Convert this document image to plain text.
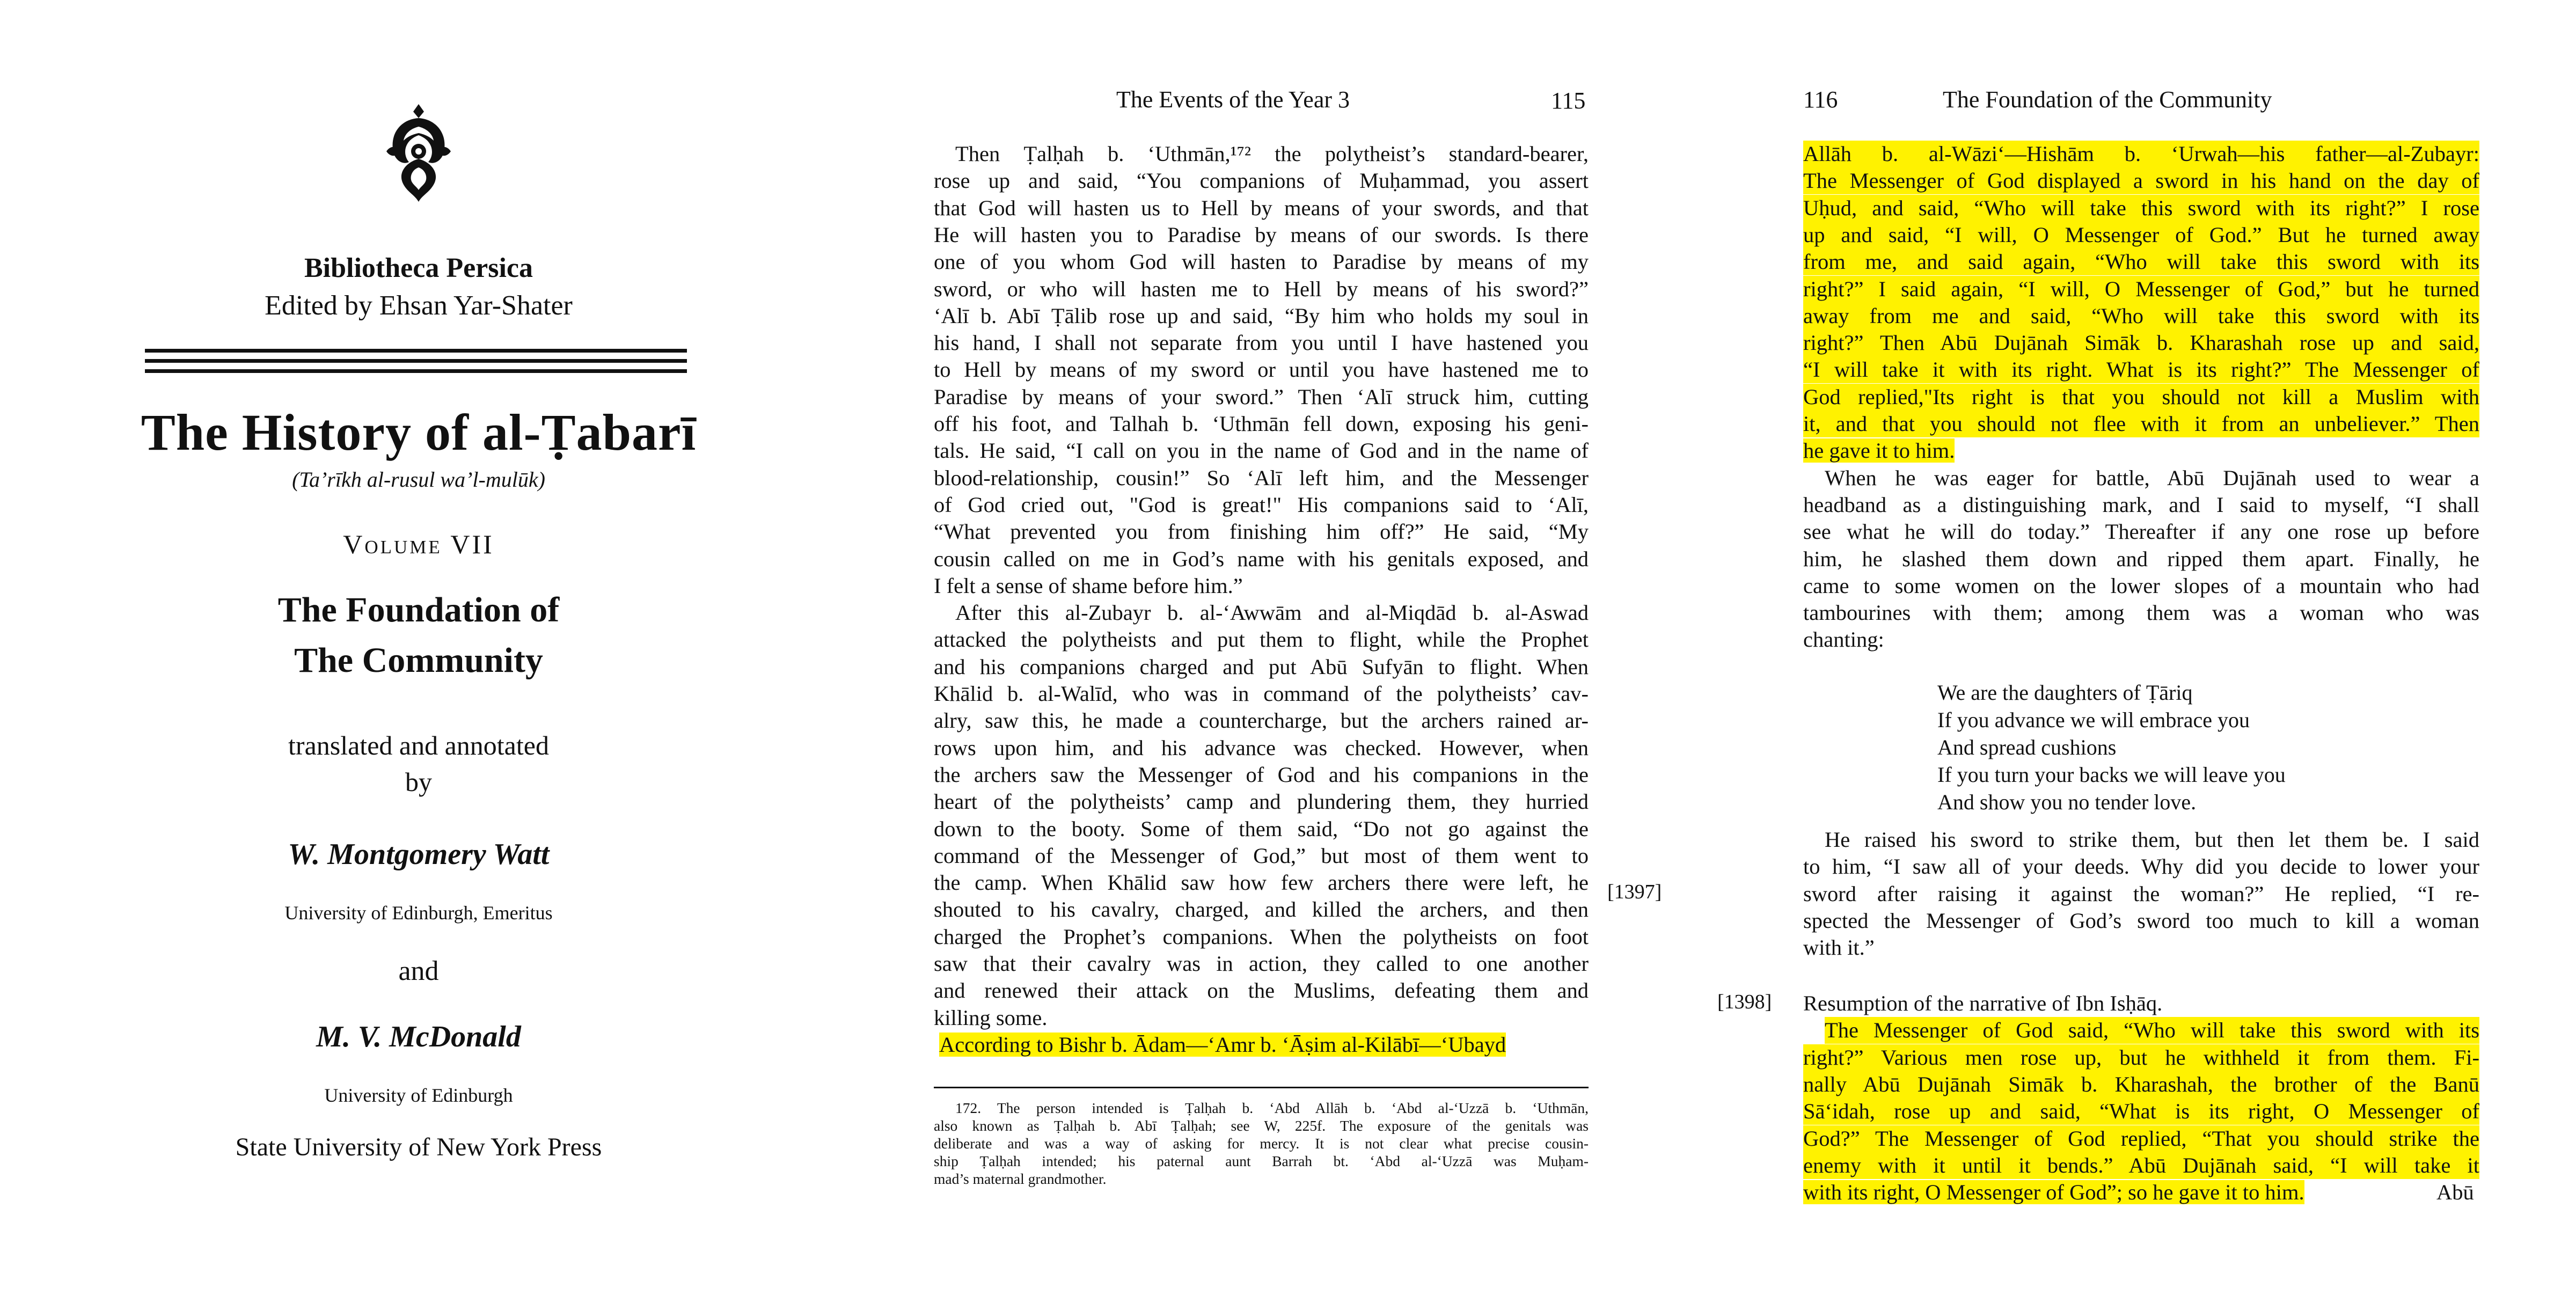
Bibliotheca Persica

Edited by Ehsan Yar-Shater

The History of al-Ṭabarī

(Ta’rīkh al-rusul wa’l-mulūk)

Volume VII

The Foundation of
The Community
translated and annotated
by

W. Montgomery Watt

University of Edinburgh, Emeritus

and

M. V. McDonald

University of Edinburgh

State University of New York Press

The Events of the Year 3	115
Then Ṭalḥah b. ‘Uthmān,¹⁷² the polytheist’s standard-bearer,
rose up and said, “You companions of Muḥammad, you assert
that God will hasten us to Hell by means of your swords, and that
He will hasten you to Paradise by means of our swords. Is there
one of you whom God will hasten to Paradise by means of my
sword, or who will hasten me to Hell by means of his sword?”
‘Alī b. Abī Ṭālib rose up and said, “By him who holds my soul in
his hand, I shall not separate from you until I have hastened you
to Hell by means of my sword or until you have hastened me to
Paradise by means of your sword.” Then ‘Alī struck him, cutting
off his foot, and Talhah b. ‘Uthmān fell down, exposing his geni-
tals. He said, “I call on you in the name of God and in the name of
blood-relationship, cousin!” So ‘Alī left him, and the Messenger
of God cried out, "God is great!" His companions said to ‘Alī,
“What prevented you from finishing him off?” He said, “My
cousin called on me in God’s name with his genitals exposed, and
I felt a sense of shame before him.”
After this al-Zubayr b. al-‘Awwām and al-Miqdād b. al-Aswad
attacked the polytheists and put them to flight, while the Prophet
and his companions charged and put Abū Sufyān to flight. When
Khālid b. al-Walīd, who was in command of the polytheists’ cav-
alry, saw this, he made a countercharge, but the archers rained ar-
rows upon him, and his advance was checked. However, when
the archers saw the Messenger of God and his companions in the
heart of the polytheists’ camp and plundering them, they hurried
down to the booty. Some of them said, “Do not go against the
command of the Messenger of God,” but most of them went to
the camp. When Khālid saw how few archers there were left, he
shouted to his cavalry, charged, and killed the archers, and then
charged the Prophet’s companions. When the polytheists on foot
saw that their cavalry was in action, they called to one another
and renewed their attack on the Muslims, defeating them and
killing some.
According to Bishr b. Ādam—‘Amr b. ‘Āṣim al-Kilābī—‘Ubayd
172. The person intended is Ṭalḥah b. ‘Abd Allāh b. ‘Abd al-‘Uzzā b. ‘Uthmān,
also known as Ṭalḥah b. Abī Ṭalḥah; see W, 225f. The exposure of the genitals was
deliberate and was a way of asking for mercy. It is not clear what precise cousin-
ship Ṭalḥah intended; his paternal aunt Barrah bt. ‘Abd al-‘Uzzā was Muḥam-
mad’s maternal grandmother.
[1397]
116	The Foundation of the Community
Allāh b. al-Wāzi‘—Hishām b. ‘Urwah—his father—al-Zubayr:
The Messenger of God displayed a sword in his hand on the day of
Uḥud, and said, “Who will take this sword with its right?” I rose
up and said, “I will, O Messenger of God.” But he turned away
from me, and said again, “Who will take this sword with its
right?” I said again, “I will, O Messenger of God,” but he turned
away from me and said, “Who will take this sword with its
right?” Then Abū Dujānah Simāk b. Kharashah rose up and said,
“I will take it with its right. What is its right?” The Messenger of
God replied,"Its right is that you should not kill a Muslim with
it, and that you should not flee with it from an unbeliever.” Then
he gave it to him.
When he was eager for battle, Abū Dujānah used to wear a
headband as a distinguishing mark, and I said to myself, “I shall
see what he will do today.” Thereafter if any one rose up before
him, he slashed them down and ripped them apart. Finally, he
came to some women on the lower slopes of a mountain who had
tambourines with them; among them was a woman who was
chanting:
We are the daughters of Ṭāriq
If you advance we will embrace you
And spread cushions
If you turn your backs we will leave you
And show you no tender love.
He raised his sword to strike them, but then let them be. I said
to him, “I saw all of your deeds. Why did you decide to lower your
sword after raising it against the woman?” He replied, “I re-
spected the Messenger of God’s sword too much to kill a woman
with it.”
Resumption of the narrative of Ibn Isḥāq.
The Messenger of God said, “Who will take this sword with its
right?” Various men rose up, but he withheld it from them. Fi-
nally Abū Dujānah Simāk b. Kharashah, the brother of the Banū
Sā‘idah, rose up and said, “What is its right, O Messenger of
God?” The Messenger of God replied, “That you should strike the
enemy with it until it bends.” Abū Dujānah said, “I will take it
with its right, O Messenger of God”; so he gave it to him.	Abū
[1398]
